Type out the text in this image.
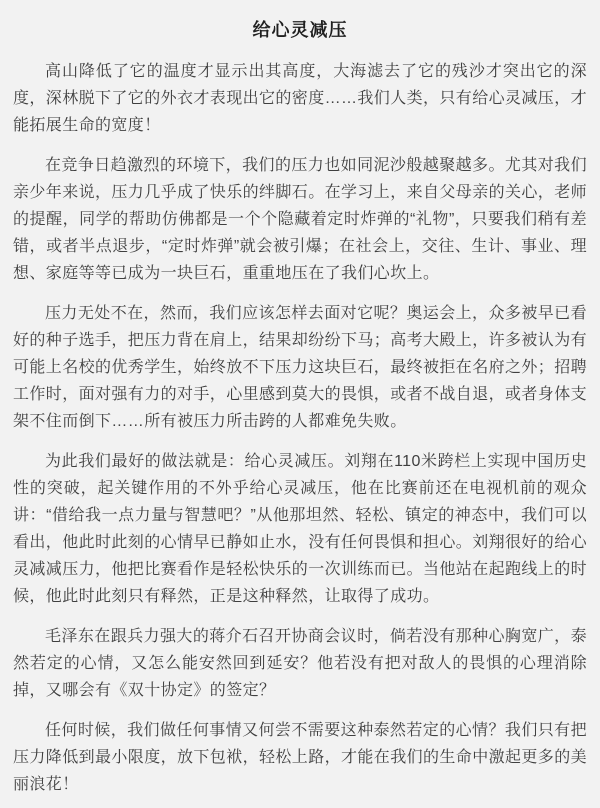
给心灵减压

高山降低了它的温度才显示出其高度，大海滤去了它的残沙才突出它的深度，深林脱下了它的外衣才表现出它的密度……我们人类，只有给心灵减压，才能拓展生命的宽度！

在竞争日趋激烈的环境下，我们的压力也如同泥沙般越聚越多。尤其对我们亲少年来说，压力几乎成了快乐的绊脚石。在学习上，来自父母亲的关心，老师的提醒，同学的帮助仿佛都是一个个隐藏着定时炸弹的“礼物”，只要我们稍有差错，或者半点退步，“定时炸弹”就会被引爆；在社会上，交往、生计、事业、理想、家庭等等已成为一块巨石，重重地压在了我们心坎上。

压力无处不在，然而，我们应该怎样去面对它呢？奥运会上，众多被早已看好的种子选手，把压力背在肩上，结果却纷纷下马；高考大殿上，许多被认为有可能上名校的优秀学生，始终放不下压力这块巨石，最终被拒在名府之外；招聘工作时，面对强有力的对手，心里感到莫大的畏惧，或者不战自退，或者身体支架不住而倒下……所有被压力所击跨的人都难免失败。

为此我们最好的做法就是：给心灵减压。刘翔在110米跨栏上实现中国历史性的突破，起关键作用的不外乎给心灵减压，他在比赛前还在电视机前的观众讲：“借给我一点力量与智慧吧？”从他那坦然、轻松、镇定的神态中，我们可以看出，他此时此刻的心情早已静如止水，没有任何畏惧和担心。刘翔很好的给心灵减减压力，他把比赛看作是轻松快乐的一次训练而已。当他站在起跑线上的时候，他此时此刻只有释然，正是这种释然，让取得了成功。

毛泽东在跟兵力强大的蒋介石召开协商会议时，倘若没有那种心胸宽广，泰然若定的心情，又怎么能安然回到延安？他若没有把对敌人的畏惧的心理消除掉，又哪会有《双十协定》的签定？

任何时候，我们做任何事情又何尝不需要这种泰然若定的心情？我们只有把压力降低到最小限度，放下包袱，轻松上路，才能在我们的生命中激起更多的美丽浪花！
